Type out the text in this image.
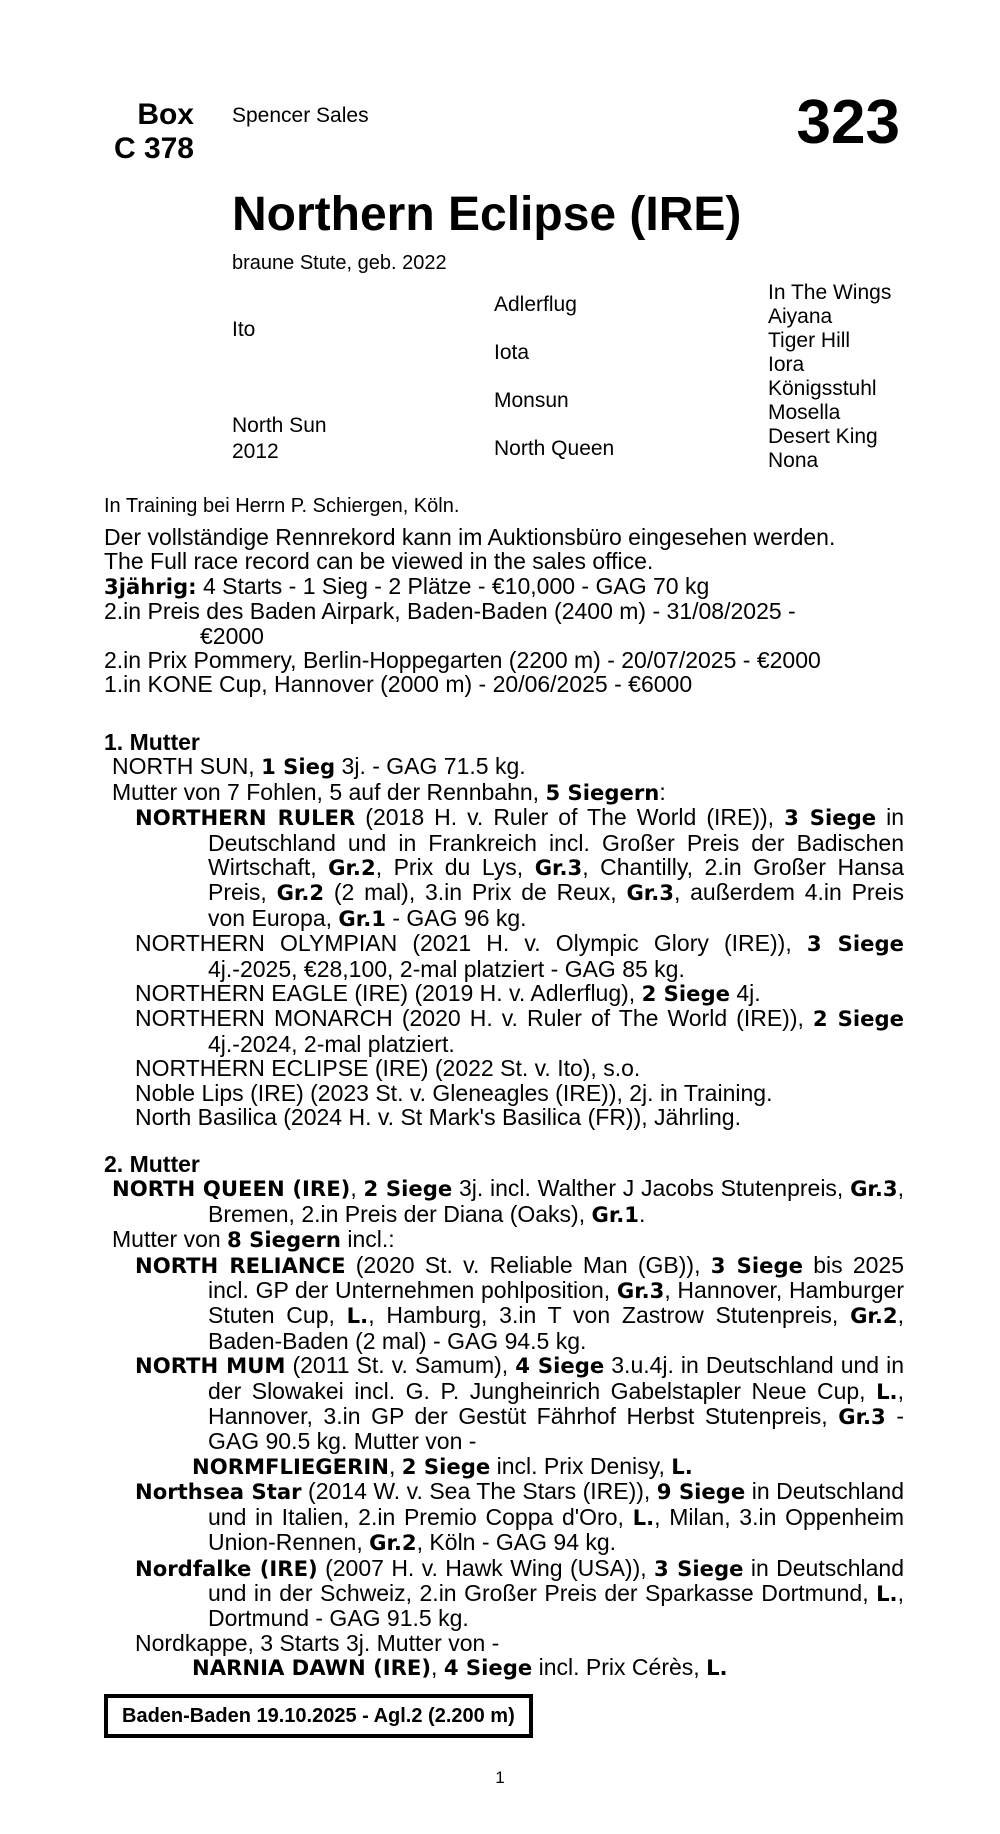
Box
C 378
Spencer Sales	323
Northern Eclipse (IRE)
braune Stute, geb. 2022
Ito
North Sun
2012
Adlerflug
Iota
Monsun
North Queen
In The Wings
Aiyana
Tiger Hill
Iora
Königsstuhl
Mosella
Desert King
Nona
In Training bei Herrn P. Schiergen, Köln.
Der vollständige Rennrekord kann im Auktionsbüro eingesehen werden.
The Full race record can be viewed in the sales office.
3jährig: 4 Starts - 1 Sieg - 2 Plätze - €10,000 - GAG 70 kg
2.in Preis des Baden Airpark, Baden-Baden (2400 m) - 31/08/2025 -
€2000
2.in Prix Pommery, Berlin-Hoppegarten (2200 m) - 20/07/2025 - €2000
1.in KONE Cup, Hannover (2000 m) - 20/06/2025 - €6000
1. Mutter
NORTH SUN, 1 Sieg 3j. - GAG 71.5 kg.
Mutter von 7 Fohlen, 5 auf der Rennbahn, 5 Siegern:
NORTHERN RULER (2018 H. v. Ruler of The World (IRE)), 3 Siege in Deutschland und in Frankreich incl. Großer Preis der Badischen Wirtschaft, Gr.2, Prix du Lys, Gr.3, Chantilly, 2.in Großer Hansa Preis, Gr.2 (2 mal), 3.in Prix de Reux, Gr.3, außerdem 4.in Preis von Europa, Gr.1 - GAG 96 kg.
NORTHERN OLYMPIAN (2021 H. v. Olympic Glory (IRE)), 3 Siege 4j.-2025, €28,100, 2-mal platziert - GAG 85 kg.
NORTHERN EAGLE (IRE) (2019 H. v. Adlerflug), 2 Siege 4j.
NORTHERN MONARCH (2020 H. v. Ruler of The World (IRE)), 2 Siege 4j.-2024, 2-mal platziert.
NORTHERN ECLIPSE (IRE) (2022 St. v. Ito), s.o.
Noble Lips (IRE) (2023 St. v. Gleneagles (IRE)), 2j. in Training.
North Basilica (2024 H. v. St Mark's Basilica (FR)), Jährling.
2. Mutter
NORTH QUEEN (IRE), 2 Siege 3j. incl. Walther J Jacobs Stutenpreis, Gr.3, Bremen, 2.in Preis der Diana (Oaks), Gr.1.
Mutter von 8 Siegern incl.:
NORTH RELIANCE (2020 St. v. Reliable Man (GB)), 3 Siege bis 2025 incl. GP der Unternehmen pohlposition, Gr.3, Hannover, Hamburger Stuten Cup, L., Hamburg, 3.in T von Zastrow Stutenpreis, Gr.2, Baden-Baden (2 mal) - GAG 94.5 kg.
NORTH MUM (2011 St. v. Samum), 4 Siege 3.u.4j. in Deutschland und in der Slowakei incl. G. P. Jungheinrich Gabelstapler Neue Cup, L., Hannover, 3.in GP der Gestüt Fährhof Herbst Stutenpreis, Gr.3 - GAG 90.5 kg. Mutter von -
NORMFLIEGERIN, 2 Siege incl. Prix Denisy, L.
Northsea Star (2014 W. v. Sea The Stars (IRE)), 9 Siege in Deutschland und in Italien, 2.in Premio Coppa d'Oro, L., Milan, 3.in Oppenheim Union-Rennen, Gr.2, Köln - GAG 94 kg.
Nordfalke (IRE) (2007 H. v. Hawk Wing (USA)), 3 Siege in Deutschland und in der Schweiz, 2.in Großer Preis der Sparkasse Dortmund, L., Dortmund - GAG 91.5 kg.
Nordkappe, 3 Starts 3j. Mutter von -
NARNIA DAWN (IRE), 4 Siege incl. Prix Cérès, L.
Baden-Baden 19.10.2025 - Agl.2 (2.200 m)
1
